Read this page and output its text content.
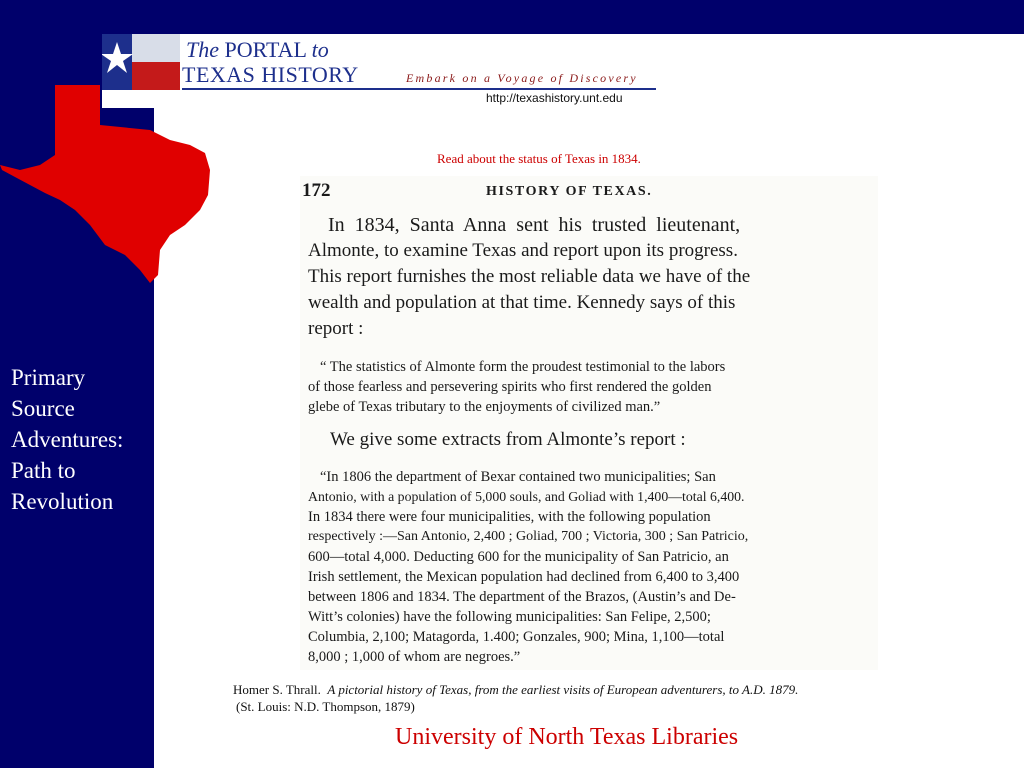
The PORTAL to
TEXAS HISTORY	Embark on a Voyage of Discovery
http://texashistory.unt.edu
Primary
Source
Adventures:
Path to
Revolution
Read about the status of Texas in 1834.
172	HISTORY OF TEXAS.
In 1834, Santa Anna sent his trusted lieutenant,
Almonte, to examine Texas and report upon its progress.
This report furnishes the most reliable data we have of the
wealth and population at that time. Kennedy says of this
report :
“ The statistics of Almonte form the proudest testimonial to the labors
of those fearless and persevering spirits who first rendered the golden
glebe of Texas tributary to the enjoyments of civilized man.”
We give some extracts from Almonte’s report :
“In 1806 the department of Bexar contained two municipalities; San
Antonio, with a population of 5,000 souls, and Goliad with 1,400—total 6,400.
In 1834 there were four municipalities, with the following population
respectively :—San Antonio, 2,400 ; Goliad, 700 ; Victoria, 300 ; San Patricio,
600—total 4,000. Deducting 600 for the municipality of San Patricio, an
Irish settlement, the Mexican population had declined from 6,400 to 3,400
between 1806 and 1834. The department of the Brazos, (Austin’s and De-
Witt’s colonies) have the following municipalities: San Felipe, 2,500;
Columbia, 2,100; Matagorda, 1.400; Gonzales, 900; Mina, 1,100—total
8,000 ; 1,000 of whom are negroes.”
Homer S. Thrall. A pictorial history of Texas, from the earliest visits of European adventurers, to A.D. 1879.
(St. Louis: N.D. Thompson, 1879)
University of North Texas Libraries
